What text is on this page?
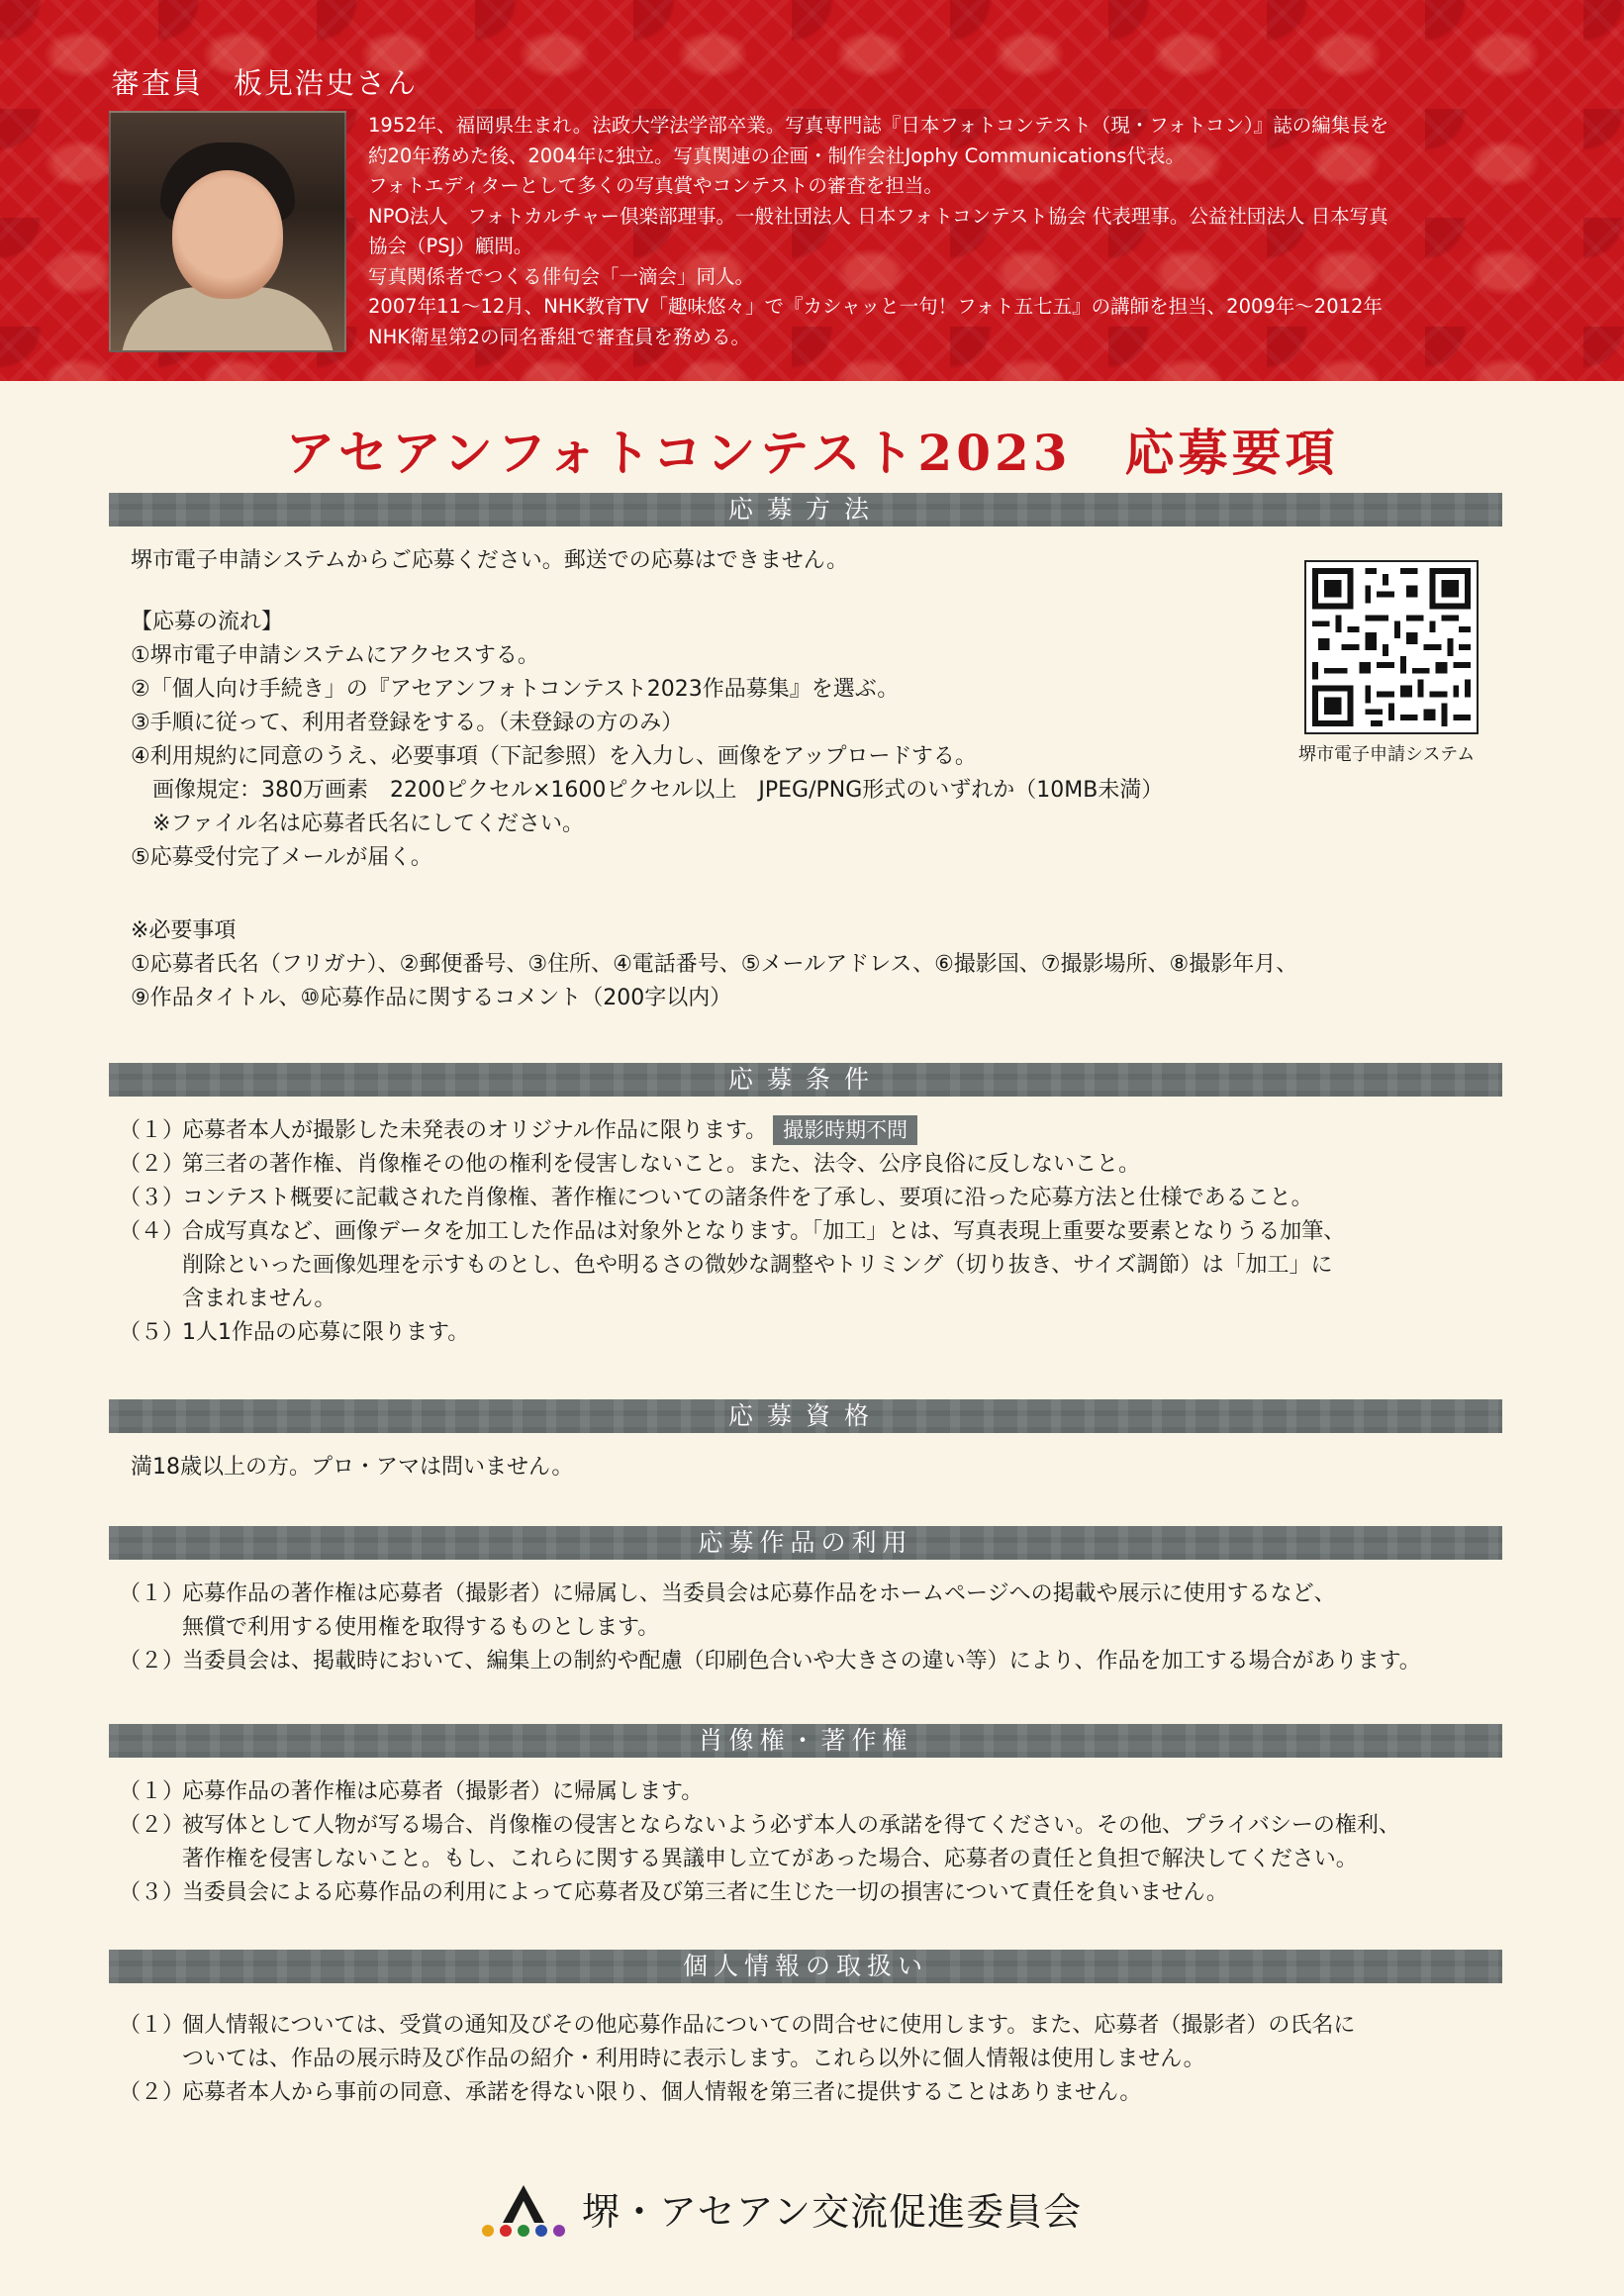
審査員　板見浩史さん
1952年、福岡県生まれ。法政大学法学部卒業。写真専門誌『日本フォトコンテスト（現・フォトコン）』誌の編集長を
約20年務めた後、2004年に独立。写真関連の企画・制作会社Jophy Communications代表。
フォトエディターとして多くの写真賞やコンテストの審査を担当。
NPO法人　フォトカルチャー倶楽部理事。一般社団法人 日本フォトコンテスト協会 代表理事。公益社団法人 日本写真
協会（PSJ）顧問。
写真関係者でつくる俳句会「一滴会」同人。
2007年11～12月、NHK教育TV「趣味悠々」で『カシャッと一句！フォト五七五』の講師を担当、2009年～2012年
NHK衛星第2の同名番組で審査員を務める。
アセアンフォトコンテスト2023　応募要項
応募方法
堺市電子申請システムからご応募ください。郵送での応募はできません。
【応募の流れ】
①堺市電子申請システムにアクセスする。
②「個人向け手続き」の『アセアンフォトコンテスト2023作品募集』を選ぶ。
③手順に従って、利用者登録をする。（未登録の方のみ）
④利用規約に同意のうえ、必要事項（下記参照）を入力し、画像をアップロードする。
　画像規定：380万画素　2200ピクセル×1600ピクセル以上　JPEG/PNG形式のいずれか（10MB未満）
　※ファイル名は応募者氏名にしてください。
⑤応募受付完了メールが届く。
※必要事項
①応募者氏名（フリガナ）、②郵便番号、③住所、④電話番号、⑤メールアドレス、⑥撮影国、⑦撮影場所、⑧撮影年月、
⑨作品タイトル、⑩応募作品に関するコメント（200字以内）
堺市電子申請システム
応募条件
（１）
応募者本人が撮影した未発表のオリジナル作品に限ります。 撮影時期不問
（２）
第三者の著作権、肖像権その他の権利を侵害しないこと。また、法令、公序良俗に反しないこと。
（３）
コンテスト概要に記載された肖像権、著作権についての諸条件を了承し、要項に沿った応募方法と仕様であること。
（４）
合成写真など、画像データを加工した作品は対象外となります。「加工」とは、写真表現上重要な要素となりうる加筆、
削除といった画像処理を示すものとし、色や明るさの微妙な調整やトリミング（切り抜き、サイズ調節）は「加工」に
含まれません。
（５）
1人1作品の応募に限ります。
応募資格
満18歳以上の方。プロ・アマは問いません。
応募作品の利用
（１）
応募作品の著作権は応募者（撮影者）に帰属し、当委員会は応募作品をホームページへの掲載や展示に使用するなど、
無償で利用する使用権を取得するものとします。
（２）
当委員会は、掲載時において、編集上の制約や配慮（印刷色合いや大きさの違い等）により、作品を加工する場合があります。
肖像権・著作権
（１）
応募作品の著作権は応募者（撮影者）に帰属します。
（２）
被写体として人物が写る場合、肖像権の侵害とならないよう必ず本人の承諾を得てください。その他、プライバシーの権利、
著作権を侵害しないこと。もし、これらに関する異議申し立てがあった場合、応募者の責任と負担で解決してください。
（３）
当委員会による応募作品の利用によって応募者及び第三者に生じた一切の損害について責任を負いません。
個人情報の取扱い
（１）
個人情報については、受賞の通知及びその他応募作品についての問合せに使用します。また、応募者（撮影者）の氏名に
ついては、作品の展示時及び作品の紹介・利用時に表示します。これら以外に個人情報は使用しません。
（２）
応募者本人から事前の同意、承諾を得ない限り、個人情報を第三者に提供することはありません。
堺・アセアン交流促進委員会
